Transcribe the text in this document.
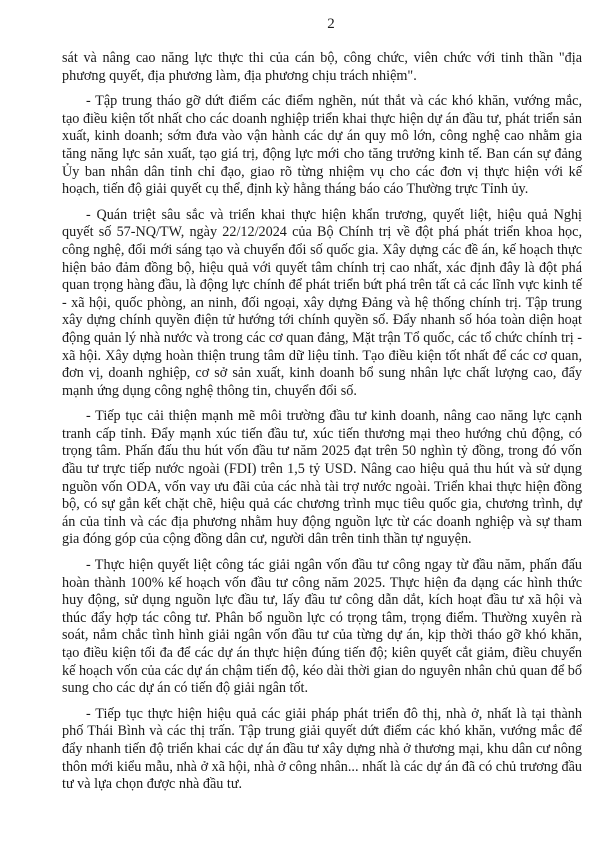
2

sát và nâng cao năng lực thực thi của cán bộ, công chức, viên chức với tinh thần "địa phương quyết, địa phương làm, địa phương chịu trách nhiệm".

- Tập trung tháo gỡ dứt điểm các điểm nghẽn, nút thắt và các khó khăn, vướng mắc, tạo điều kiện tốt nhất cho các doanh nghiệp triển khai thực hiện dự án đầu tư, phát triển sản xuất, kinh doanh; sớm đưa vào vận hành các dự án quy mô lớn, công nghệ cao nhằm gia tăng năng lực sản xuất, tạo giá trị, động lực mới cho tăng trưởng kinh tế. Ban cán sự đảng Ủy ban nhân dân tỉnh chỉ đạo, giao rõ từng nhiệm vụ cho các đơn vị thực hiện với kế hoạch, tiến độ giải quyết cụ thể, định kỳ hằng tháng báo cáo Thường trực Tỉnh ủy.

- Quán triệt sâu sắc và triển khai thực hiện khẩn trương, quyết liệt, hiệu quả Nghị quyết số 57-NQ/TW, ngày 22/12/2024 của Bộ Chính trị về đột phá phát triển khoa học, công nghệ, đổi mới sáng tạo và chuyển đổi số quốc gia. Xây dựng các đề án, kế hoạch thực hiện bảo đảm đồng bộ, hiệu quả với quyết tâm chính trị cao nhất, xác định đây là đột phá quan trọng hàng đầu, là động lực chính để phát triển bứt phá trên tất cả các lĩnh vực kinh tế - xã hội, quốc phòng, an ninh, đối ngoại, xây dựng Đảng và hệ thống chính trị. Tập trung xây dựng chính quyền điện tử hướng tới chính quyền số. Đẩy nhanh số hóa toàn diện hoạt động quản lý nhà nước và trong các cơ quan đảng, Mặt trận Tổ quốc, các tổ chức chính trị - xã hội. Xây dựng hoàn thiện trung tâm dữ liệu tỉnh. Tạo điều kiện tốt nhất để các cơ quan, đơn vị, doanh nghiệp, cơ sở sản xuất, kinh doanh bổ sung nhân lực chất lượng cao, đẩy mạnh ứng dụng công nghệ thông tin, chuyển đổi số.

- Tiếp tục cải thiện mạnh mẽ môi trường đầu tư kinh doanh, nâng cao năng lực cạnh tranh cấp tỉnh. Đẩy mạnh xúc tiến đầu tư, xúc tiến thương mại theo hướng chủ động, có trọng tâm. Phấn đấu thu hút vốn đầu tư năm 2025 đạt trên 50 nghìn tỷ đồng, trong đó vốn đầu tư trực tiếp nước ngoài (FDI) trên 1,5 tỷ USD. Nâng cao hiệu quả thu hút và sử dụng nguồn vốn ODA, vốn vay ưu đãi của các nhà tài trợ nước ngoài. Triển khai thực hiện đồng bộ, có sự gắn kết chặt chẽ, hiệu quả các chương trình mục tiêu quốc gia, chương trình, dự án của tỉnh và các địa phương nhằm huy động nguồn lực từ các doanh nghiệp và sự tham gia đóng góp của cộng đồng dân cư, người dân trên tinh thần tự nguyện.

- Thực hiện quyết liệt công tác giải ngân vốn đầu tư công ngay từ đầu năm, phấn đấu hoàn thành 100% kế hoạch vốn đầu tư công năm 2025. Thực hiện đa dạng các hình thức huy động, sử dụng nguồn lực đầu tư, lấy đầu tư công dẫn dắt, kích hoạt đầu tư xã hội và thúc đẩy hợp tác công tư. Phân bổ nguồn lực có trọng tâm, trọng điểm. Thường xuyên rà soát, nắm chắc tình hình giải ngân vốn đầu tư của từng dự án, kịp thời tháo gỡ khó khăn, tạo điều kiện tối đa để các dự án thực hiện đúng tiến độ; kiên quyết cắt giảm, điều chuyển kế hoạch vốn của các dự án chậm tiến độ, kéo dài thời gian do nguyên nhân chủ quan để bổ sung cho các dự án có tiến độ giải ngân tốt.

- Tiếp tục thực hiện hiệu quả các giải pháp phát triển đô thị, nhà ở, nhất là tại thành phố Thái Bình và các thị trấn. Tập trung giải quyết dứt điểm các khó khăn, vướng mắc để đẩy nhanh tiến độ triển khai các dự án đầu tư xây dựng nhà ở thương mại, khu dân cư nông thôn mới kiểu mẫu, nhà ở xã hội, nhà ở công nhân... nhất là các dự án đã có chủ trương đầu tư và lựa chọn được nhà đầu tư.
